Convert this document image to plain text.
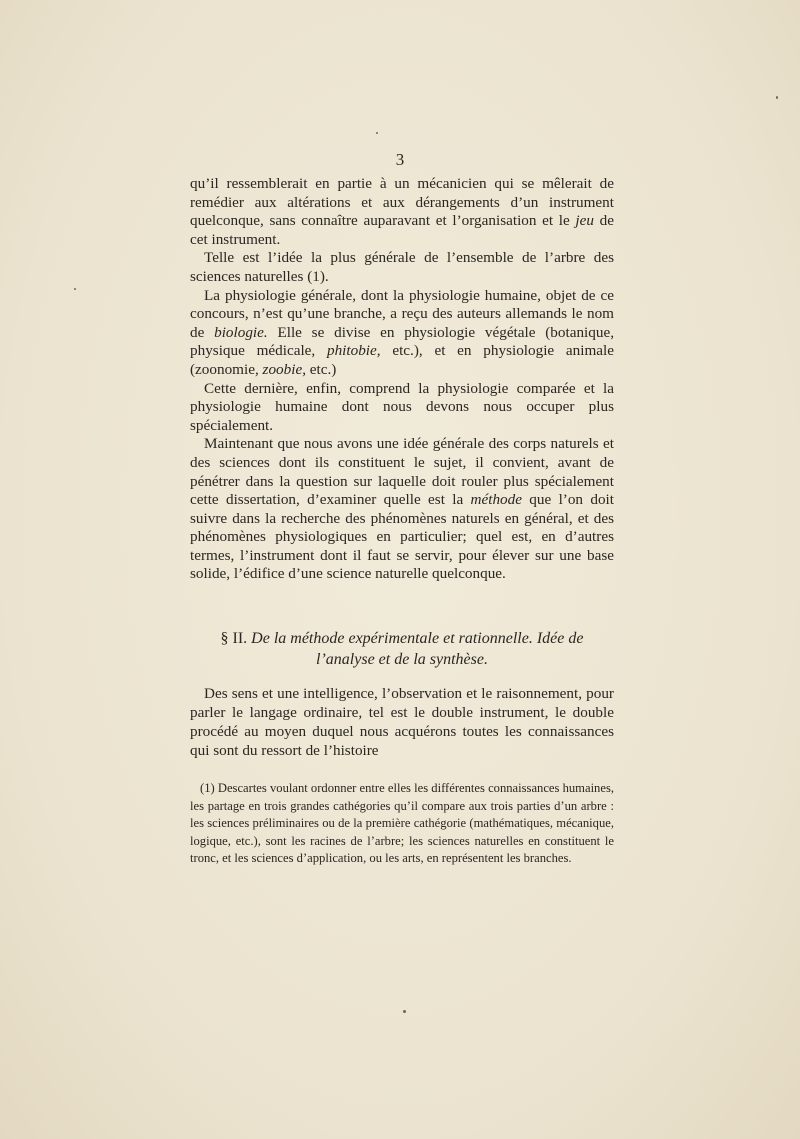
3

qu’il ressemblerait en partie à un mécanicien qui se mêlerait de remédier aux altérations et aux dérangements d’un instrument quelconque, sans connaître auparavant et l’organisation et le jeu de cet instrument.

Telle est l’idée la plus générale de l’ensemble de l’arbre des sciences naturelles (1).

La physiologie générale, dont la physiologie humaine, objet de ce concours, n’est qu’une branche, a reçu des auteurs allemands le nom de biologie. Elle se divise en physiologie végétale (botanique, physique médicale, phitobie, etc.), et en physiologie animale (zoonomie, zoobie, etc.)

Cette dernière, enfin, comprend la physiologie comparée et la physiologie humaine dont nous devons nous occuper plus spécialement.

Maintenant que nous avons une idée générale des corps naturels et des sciences dont ils constituent le sujet, il convient, avant de pénétrer dans la question sur laquelle doit rouler plus spécialement cette dissertation, d’examiner quelle est la méthode que l’on doit suivre dans la recherche des phénomènes naturels en général, et des phénomènes physiologiques en particulier; quel est, en d’autres termes, l’instrument dont il faut se servir, pour élever sur une base solide, l’édifice d’une science naturelle quelconque.

§ II. De la méthode expérimentale et rationnelle. Idée de l’analyse et de la synthèse.

Des sens et une intelligence, l’observation et le raisonnement, pour parler le langage ordinaire, tel est le double instrument, le double procédé au moyen duquel nous acquérons toutes les connaissances qui sont du ressort de l’histoire

(1) Descartes voulant ordonner entre elles les différentes connaissances humaines, les partage en trois grandes cathégories qu’il compare aux trois parties d’un arbre : les sciences préliminaires ou de la première cathégorie (mathématiques, mécanique, logique, etc.), sont les racines de l’arbre; les sciences naturelles en constituent le tronc, et les sciences d’application, ou les arts, en représentent les branches.
